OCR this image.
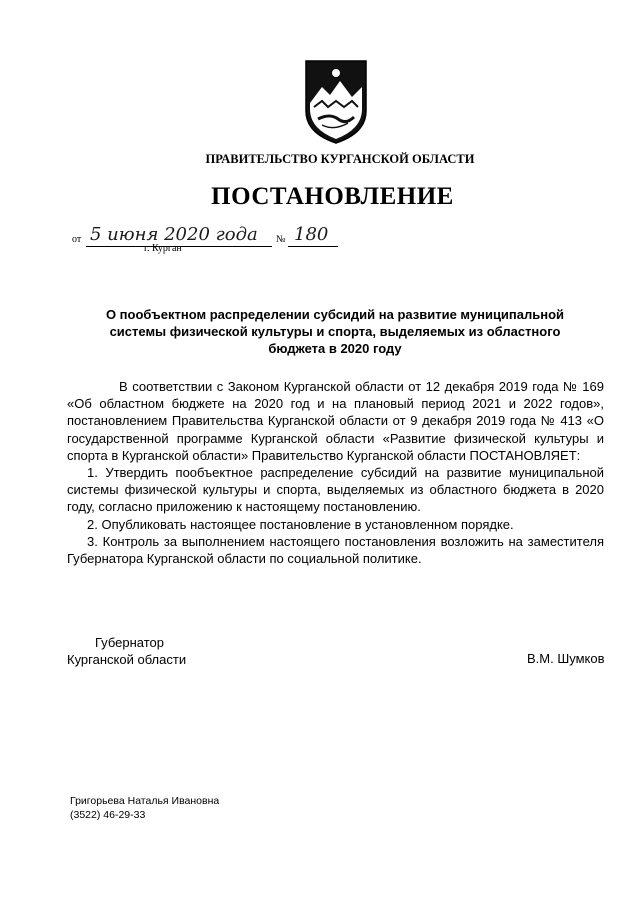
ПРАВИТЕЛЬСТВО КУРГАНСКОЙ ОБЛАСТИ
ПОСТАНОВЛЕНИЕ
от 5 июня 2020 года № 180
г. Курган
О пообъектном распределении субсидий на развитие муниципальной системы физической культуры и спорта, выделяемых из областного бюджета в 2020 году

В соответствии с Законом Курганской области от 12 декабря 2019 года № 169 «Об областном бюджете на 2020 год и на плановый период 2021 и 2022 годов», постановлением Правительства Курганской области от 9 декабря 2019 года № 413 «О государственной программе Курганской области «Развитие физической культуры и спорта в Курганской области» Правительство Курганской области ПОСТАНОВЛЯЕТ:

1. Утвердить пообъектное распределение субсидий на развитие муниципальной системы физической культуры и спорта, выделяемых из областного бюджета в 2020 году, согласно приложению к настоящему постановлению.

2. Опубликовать настоящее постановление в установленном порядке.

3. Контроль за выполнением настоящего постановления возложить на заместителя Губернатора Курганской области по социальной политике.

Губернатор
Курганской области	В.М. Шумков
Григорьева Наталья Ивановна
(3522) 46-29-33
